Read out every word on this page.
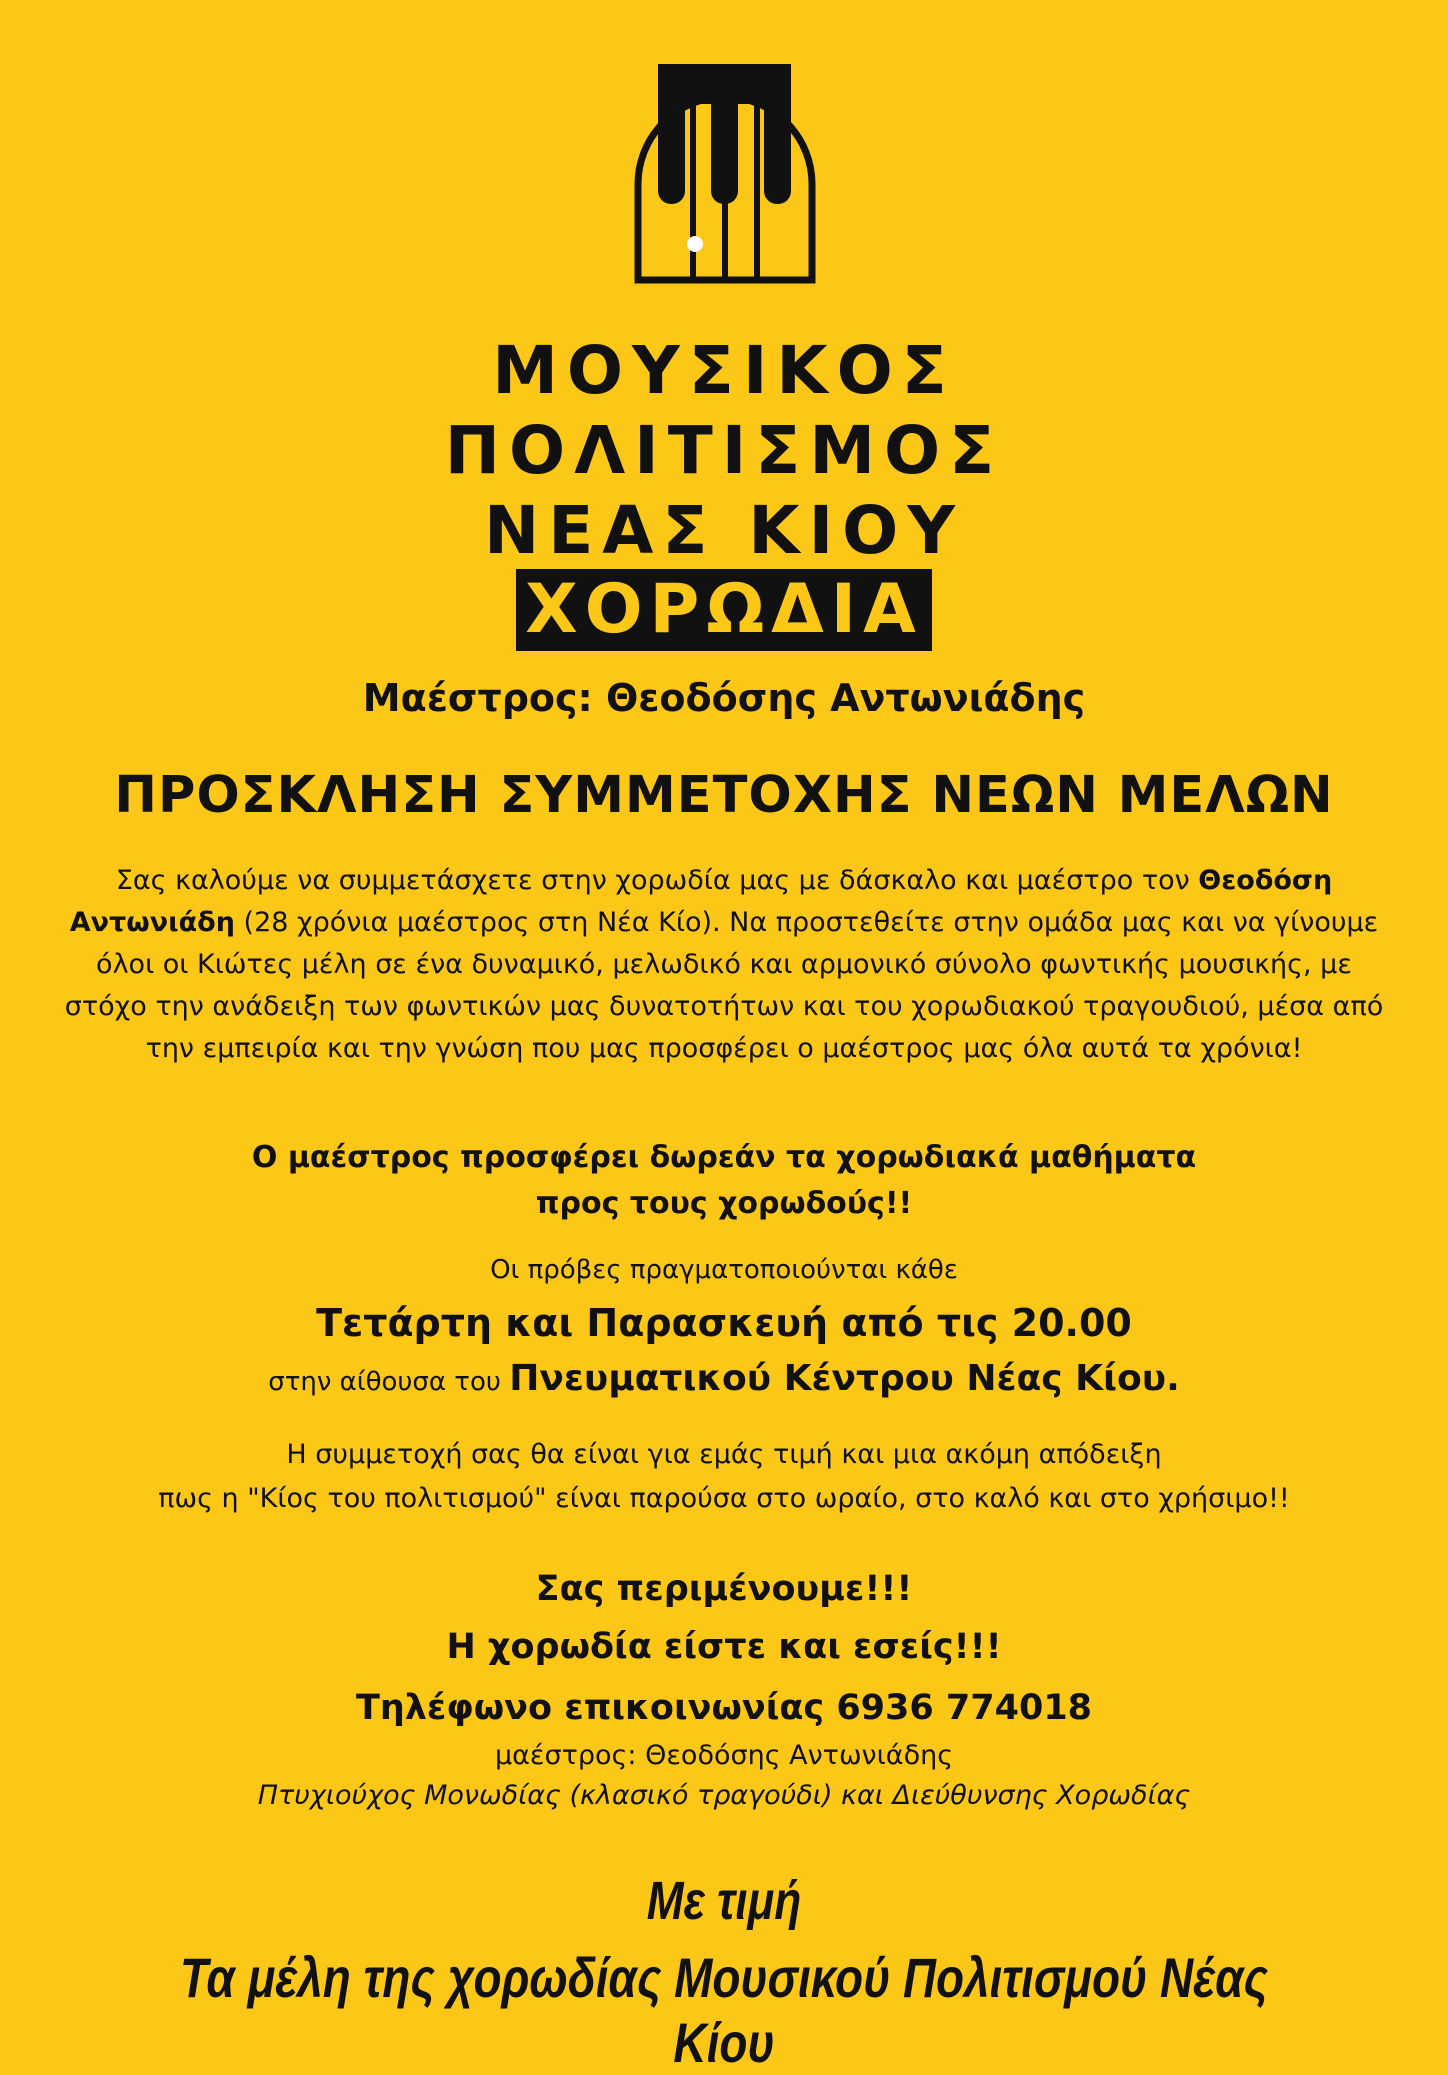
ΜΟΥΣΙΚΟΣ
ΠΟΛΙΤΙΣΜΟΣ
ΝΕΑΣ ΚΙΟΥ
ΧΟΡΩΔΙΑ
Μαέστρος: Θεοδόσης Αντωνιάδης
ΠΡΟΣΚΛΗΣΗ ΣΥΜΜΕΤΟΧΗΣ ΝΕΩΝ ΜΕΛΩΝ
Σας καλούμε να συμμετάσχετε στην χορωδία μας με δάσκαλο και μαέστρο τον Θεοδόση Αντωνιάδη (28 χρόνια μαέστρος στη Νέα Κίο). Να προστεθείτε στην ομάδα μας και να γίνουμε όλοι οι Κιώτες μέλη σε ένα δυναμικό, μελωδικό και αρμονικό σύνολο φωντικής μουσικής, με στόχο την ανάδειξη των φωντικών μας δυνατοτήτων και του χορωδιακού τραγουδιού, μέσα από την εμπειρία και την γνώση που μας προσφέρει ο μαέστρος μας όλα αυτά τα χρόνια!
Ο μαέστρος προσφέρει δωρεάν τα χορωδιακά μαθήματα
προς τους χορωδούς!!
Οι πρόβες πραγματοποιούνται κάθε
Τετάρτη και Παρασκευή από τις 20.00
στην αίθουσα του Πνευματικού Κέντρου Νέας Κίου.
Η συμμετοχή σας θα είναι για εμάς τιμή και μια ακόμη απόδειξη
πως η "Κίος του πολιτισμού" είναι παρούσα στο ωραίο, στο καλό και στο χρήσιμο!!
Σας περιμένουμε!!!
Η χορωδία είστε και εσείς!!!
Τηλέφωνο επικοινωνίας 6936 774018
μαέστρος: Θεοδόσης Αντωνιάδης
Πτυχιούχος Μονωδίας (κλασικό τραγούδι) και Διεύθυνσης Χορωδίας
Με τιμή
Τα μέλη της χορωδίας Μουσικού Πολιτισμού Νέας Κίου
